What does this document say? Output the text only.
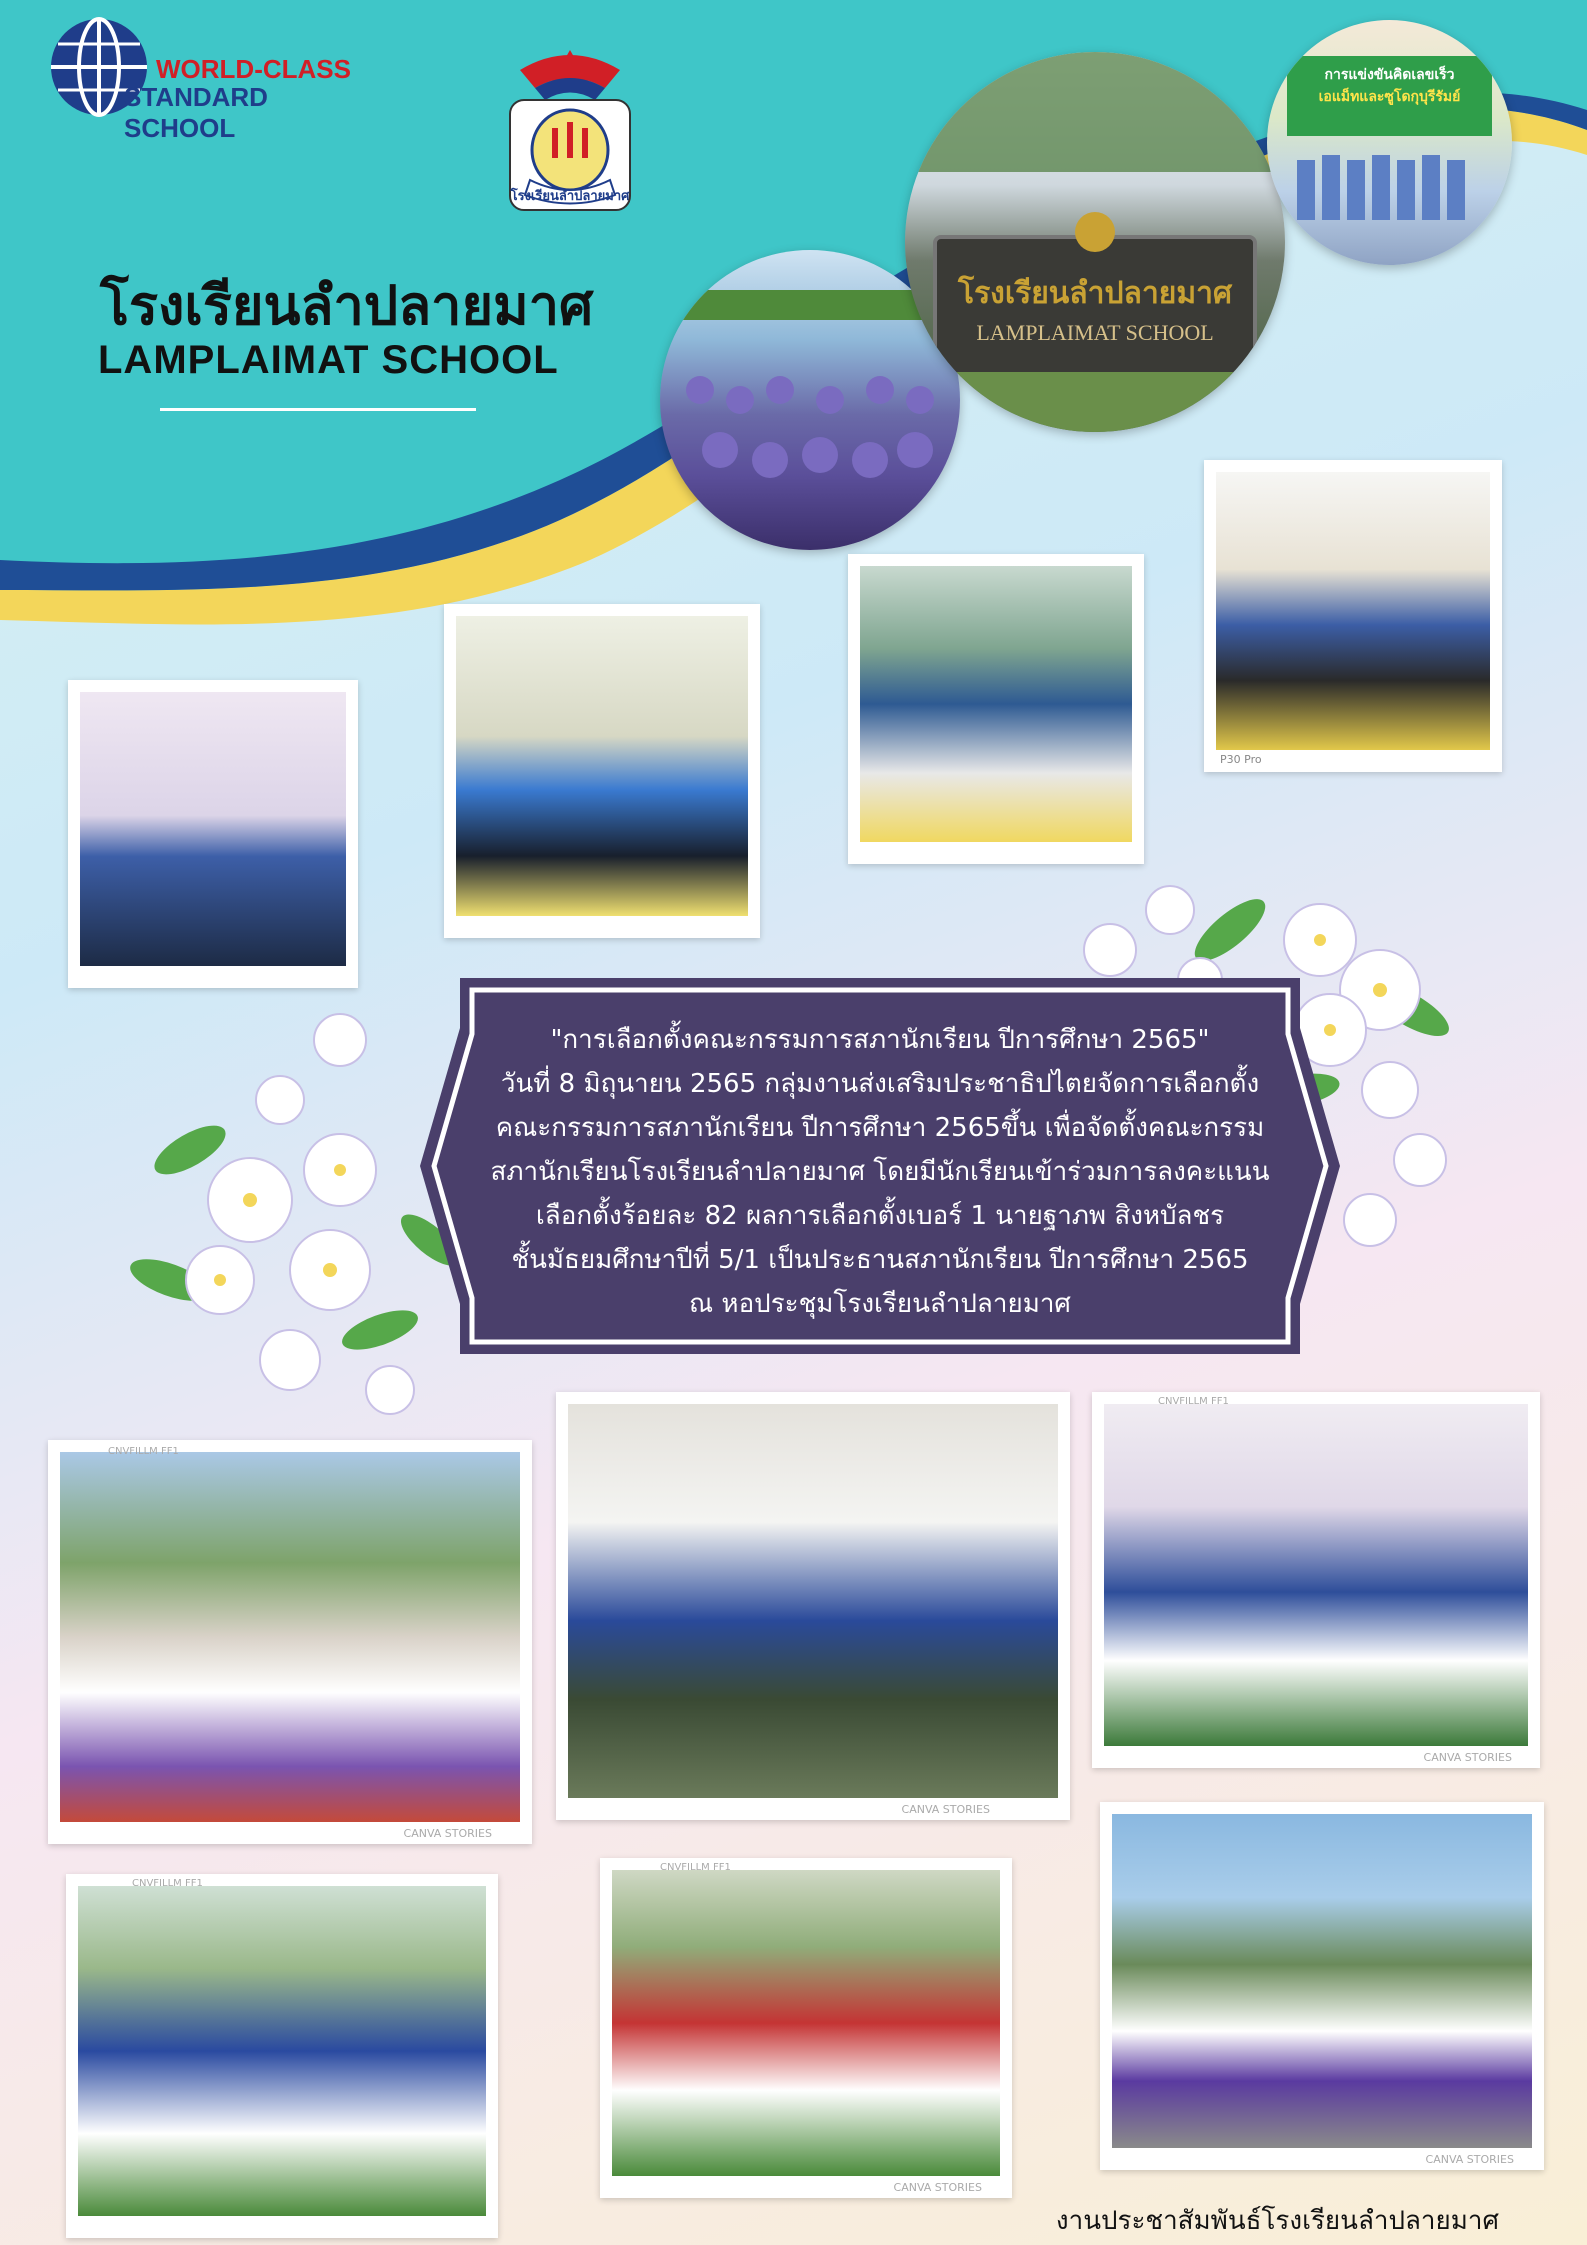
WORLD-CLASS
STANDARD SCHOOL
โรงเรียนลำปลายมาศ
โรงเรียนลำปลายมาศ
LAMPLAIMAT SCHOOL
โรงเรียนลำปลายมาศ
LAMPLAIMAT SCHOOL
การแข่งขันคิดเลขเร็ว
เอแม็ทและซูโดกุบุรีรัมย์
P30 Pro
"การเลือกตั้งคณะกรรมการสภานักเรียน ปีการศึกษา 2565"
วันที่ 8 มิถุนายน 2565 กลุ่มงานส่งเสริมประชาธิปไตยจัดการเลือกตั้ง
คณะกรรมการสภานักเรียน ปีการศึกษา 2565ขึ้น เพื่อจัดตั้งคณะกรรม
สภานักเรียนโรงเรียนลำปลายมาศ โดยมีนักเรียนเข้าร่วมการลงคะแนน
เลือกตั้งร้อยละ 82 ผลการเลือกตั้งเบอร์ 1 นายฐาภพ สิงหบัลชร
ชั้นมัธยมศึกษาปีที่ 5/1 เป็นประธานสภานักเรียน ปีการศึกษา 2565
ณ หอประชุมโรงเรียนลำปลายมาศ
CNVFILLM FF1
CANVA STORIES
CANVA STORIES
CNVFILLM FF1
CANVA STORIES
CNVFILLM FF1
CNVFILLM FF1
CANVA STORIES
CANVA STORIES
งานประชาสัมพันธ์โรงเรียนลำปลายมาศ
